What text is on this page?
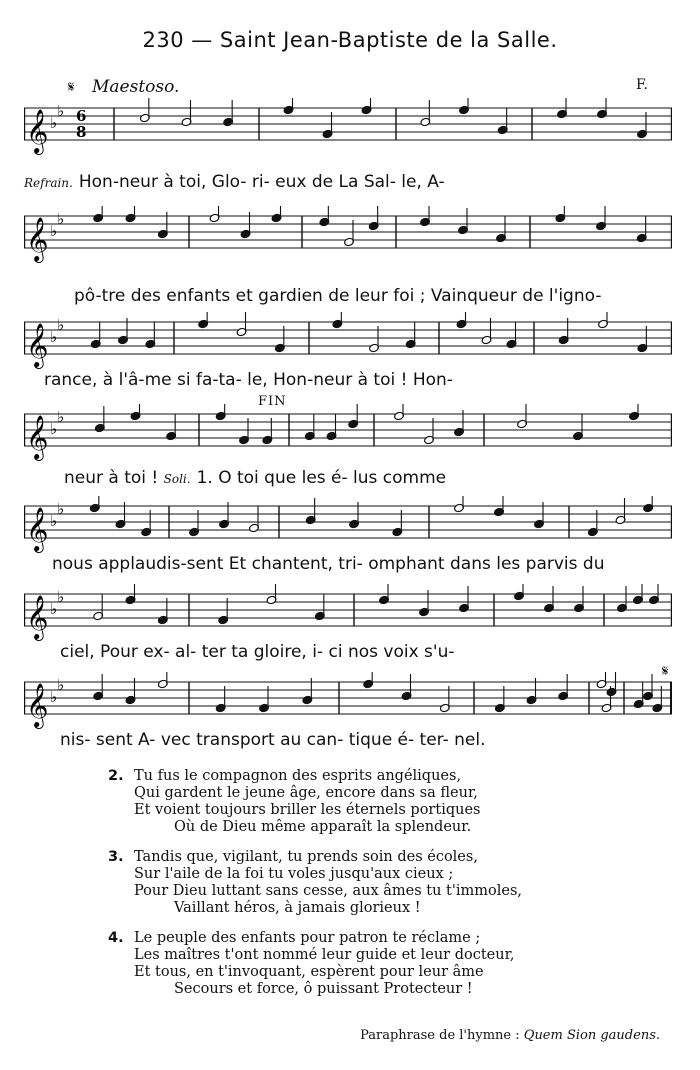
230 — Saint Jean-Baptiste de la Salle.
𝄋 Maestoso.	F.
FIN
𝄋
𝄞 ♭
♭ 6
8
𝄞 ♭
♭
𝄞 ♭
♭
𝄞 ♭
♭
𝄞 ♭
♭
𝄞 ♭
♭
𝄞 ♭
♭
Refrain. Hon-neur à toi, Glo- ri- eux de La Sal- le, A-
pô-tre des enfants et gardien de leur foi ; Vainqueur de l'igno-
rance, à l'â-me si fa-ta- le, Hon-neur à toi ! Hon-
neur à toi ! Soli. 1. O toi que les é- lus comme
nous applaudis-sent Et chantent, tri- omphant dans les parvis du
ciel, Pour ex- al- ter ta gloire, i- ci nos voix s'u-
nis- sent A- vec transport au can- tique é- ter- nel.
2. Tu fus le compagnon des esprits angéliques,
Qui gardent le jeune âge, encore dans sa fleur,
Et voient toujours briller les éternels portiques
Où de Dieu même apparaît la splendeur.
3. Tandis que, vigilant, tu prends soin des écoles,
Sur l'aile de la foi tu voles jusqu'aux cieux ;
Pour Dieu luttant sans cesse, aux âmes tu t'immoles,
Vaillant héros, à jamais glorieux !
4. Le peuple des enfants pour patron te réclame ;
Les maîtres t'ont nommé leur guide et leur docteur,
Et tous, en t'invoquant, espèrent pour leur âme
Secours et force, ô puissant Protecteur !
Paraphrase de l'hymne : Quem Sion gaudens.
